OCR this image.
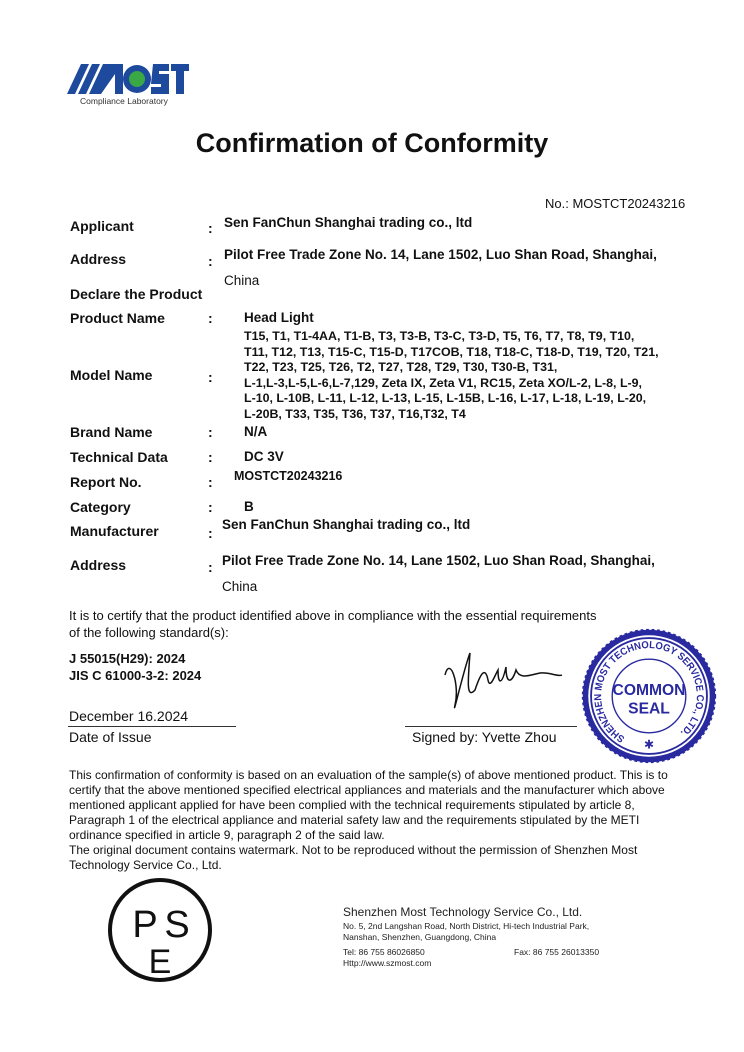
Compliance Laboratory
Confirmation of Conformity
No.: MOSTCT20243216
Applicant	: Sen FanChun Shanghai trading co., ltd
Address	: Pilot Free Trade Zone No. 14, Lane 1502, Luo Shan Road, Shanghai,
China
Declare the Product
Product Name	: Head Light
Model Name	:
T15, T1, T1-4AA, T1-B, T3, T3-B, T3-C, T3-D, T5, T6, T7, T8, T9, T10,
T11, T12, T13, T15-C, T15-D, T17COB, T18, T18-C, T18-D, T19, T20, T21,
T22, T23, T25, T26, T2, T27, T28, T29, T30, T30-B, T31,
L-1,L-3,L-5,L-6,L-7,129, Zeta IX, Zeta V1, RC15, Zeta XO/L-2, L-8, L-9,
L-10, L-10B, L-11, L-12, L-13, L-15, L-15B, L-16, L-17, L-18, L-19, L-20,
L-20B, T33, T35, T36, T37, T16,T32, T4
Brand Name	: N/A
Technical Data	: DC 3V
Report No.	: MOSTCT20243216
Category	: B
Manufacturer	:
Sen FanChun Shanghai trading co., ltd
Address	: Pilot Free Trade Zone No. 14, Lane 1502, Luo Shan Road, Shanghai,
China
It is to certify that the product identified above in compliance with the essential requirements
of the following standard(s):
J 55015(H29): 2024
JIS C 61000-3-2: 2024
December 16.2024
Date of Issue	Signed by: Yvette Zhou	SHENZHEN MOST TECHNOLOGY SERVICE CO., LTD.
COMMON
SEAL
✱
This confirmation of conformity is based on an evaluation of the sample(s) of above mentioned product. This is to certify that the above mentioned specified electrical appliances and materials and the manufacturer which above mentioned applicant applied for have been complied with the technical requirements stipulated by article 8, Paragraph 1 of the electrical appliance and material safety law and the requirements stipulated by the METI ordinance specified in article 9, paragraph 2 of the said law.
The original document contains watermark. Not to be reproduced without the permission of Shenzhen Most Technology Service Co., Ltd.
P S
E
Shenzhen Most Technology Service Co., Ltd.
No. 5, 2nd Langshan Road, North District, Hi-tech Industrial Park,
Nanshan, Shenzhen, Guangdong, China
Tel: 86 755 86026850	Fax: 86 755 26013350
Http://www.szmost.com
